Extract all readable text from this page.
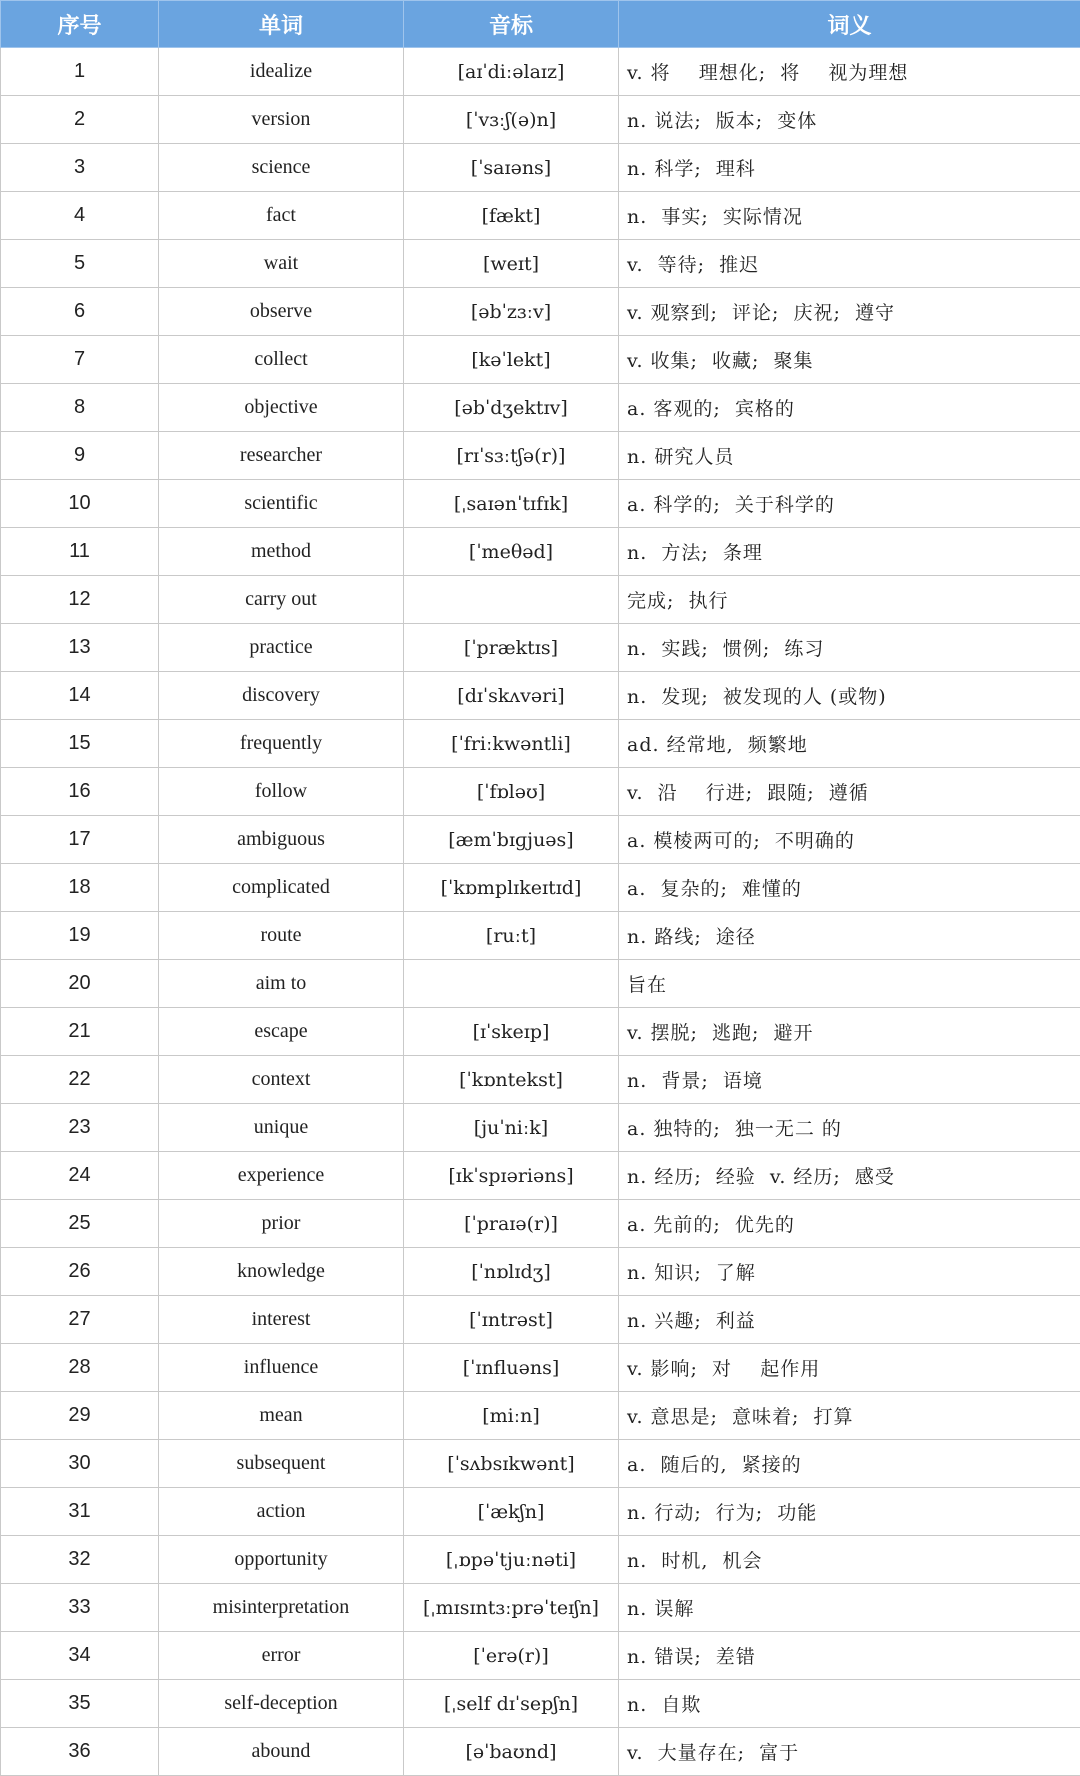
序号	单词	音标	词义
1	idealize	[aɪˈdiːəlaɪz]	v. 将    理想化;  将    视为理想
2	version	[ˈvɜːʃ(ə)n]	n. 说法;  版本;  变体
3	science	[ˈsaɪəns]	n. 科学;  理科
4	fact	[fækt]	n.  事实;  实际情况
5	wait	[weɪt]	v.  等待;  推迟
6	observe	[əbˈzɜːv]	v. 观察到;  评论;  庆祝;  遵守
7	collect	[kəˈlekt]	v. 收集;  收藏;  聚集
8	objective	[əbˈdʒektɪv]	a. 客观的;  宾格的
9	researcher	[rɪˈsɜːtʃə(r)]	n. 研究人员
10	scientific	[ˌsaɪənˈtɪfɪk]	a. 科学的;  关于科学的
11	method	[ˈmeθəd]	n.  方法;  条理
12	carry out		完成;  执行
13	practice	[ˈpræktɪs]	n.  实践;  惯例;  练习
14	discovery	[dɪˈskʌvəri]	n.  发现;  被发现的人 (或物)
15	frequently	[ˈfriːkwəntli]	ad. 经常地,  频繁地
16	follow	[ˈfɒləʊ]	v.  沿    行进;  跟随;  遵循
17	ambiguous	[æmˈbɪɡjuəs]	a. 模棱两可的;  不明确的
18	complicated	[ˈkɒmplɪkeɪtɪd]	a.  复杂的;  难懂的
19	route	[ruːt]	n. 路线;  途径
20	aim to		旨在
21	escape	[ɪˈskeɪp]	v. 摆脱;  逃跑;  避开
22	context	[ˈkɒntekst]	n.  背景;  语境
23	unique	[juˈniːk]	a. 独特的;  独一无二 的
24	experience	[ɪkˈspɪəriəns]	n. 经历;  经验  v. 经历;  感受
25	prior	[ˈpraɪə(r)]	a. 先前的;  优先的
26	knowledge	[ˈnɒlɪdʒ]	n. 知识;  了解
27	interest	[ˈɪntrəst]	n. 兴趣;  利益
28	influence	[ˈɪnfluəns]	v. 影响;  对    起作用
29	mean	[miːn]	v. 意思是;  意味着;  打算
30	subsequent	[ˈsʌbsɪkwənt]	a.  随后的,  紧接的
31	action	[ˈækʃn]	n. 行动;  行为;  功能
32	opportunity	[ˌɒpəˈtjuːnəti]	n.  时机,  机会
33	misinterpretation	[ˌmɪsɪntɜːprəˈteɪʃn]	n. 误解
34	error	[ˈerə(r)]	n. 错误;  差错
35	self-deception	[ˌself dɪˈsepʃn]	n.  自欺
36	abound	[əˈbaʊnd]	v.  大量存在;  富于
